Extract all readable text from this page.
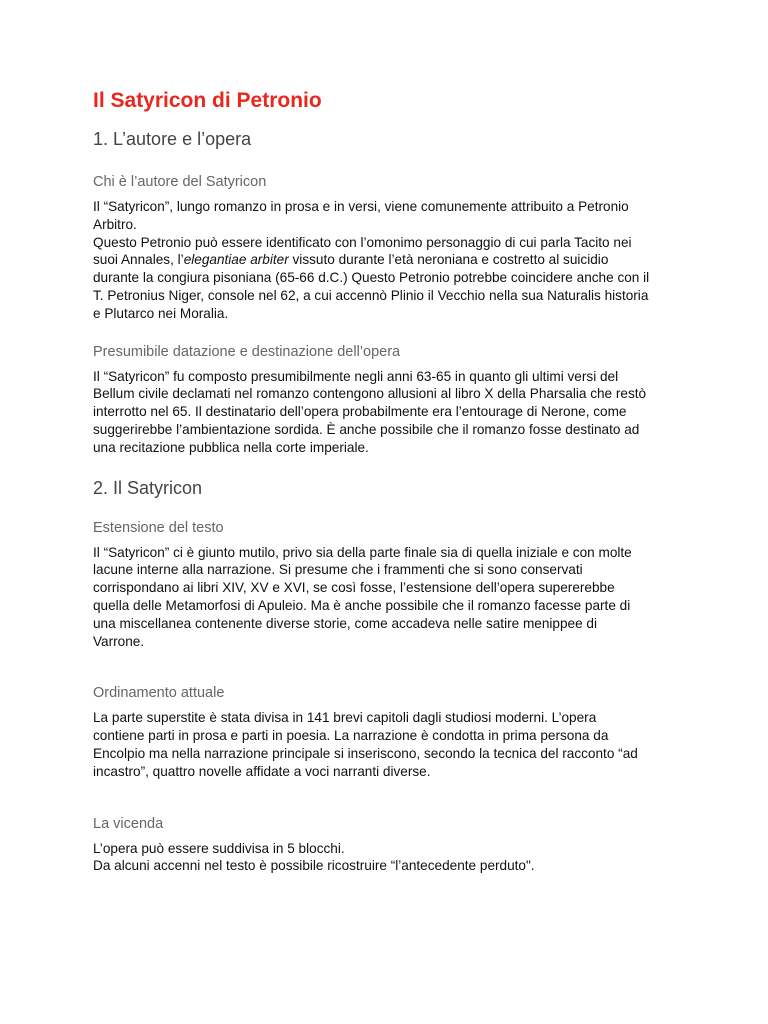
Il Satyricon di Petronio
1. L’autore e l’opera
Chi è l’autore del Satyricon

Il “Satyricon”, lungo romanzo in prosa e in versi, viene comunemente attribuito a Petronio
Arbitro.
Questo Petronio può essere identificato con l’omonimo personaggio di cui parla Tacito nei
suoi Annales, l’elegantiae arbiter vissuto durante l’età neroniana e costretto al suicidio
durante la congiura pisoniana (65-66 d.C.) Questo Petronio potrebbe coincidere anche con il
T. Petronius Niger, console nel 62, a cui accennò Plinio il Vecchio nella sua Naturalis historia
e Plutarco nei Moralia.

Presumibile datazione e destinazione dell’opera

Il “Satyricon” fu composto presumibilmente negli anni 63-65 in quanto gli ultimi versi del
Bellum civile declamati nel romanzo contengono allusioni al libro X della Pharsalia che restò
interrotto nel 65. Il destinatario dell’opera probabilmente era l’entourage di Nerone, come
suggerirebbe l’ambientazione sordida. È anche possibile che il romanzo fosse destinato ad
una recitazione pubblica nella corte imperiale.

2. Il Satyricon
Estensione del testo

Il “Satyricon” ci è giunto mutilo, privo sia della parte finale sia di quella iniziale e con molte
lacune interne alla narrazione. Si presume che i frammenti che si sono conservati
corrispondano ai libri XIV, XV e XVI, se così fosse, l’estensione dell’opera supererebbe
quella delle Metamorfosi di Apuleio. Ma è anche possibile che il romanzo facesse parte di
una miscellanea contenente diverse storie, come accadeva nelle satire menippee di
Varrone.

Ordinamento attuale

La parte superstite è stata divisa in 141 brevi capitoli dagli studiosi moderni. L’opera
contiene parti in prosa e parti in poesia. La narrazione è condotta in prima persona da
Encolpio ma nella narrazione principale si inseriscono, secondo la tecnica del racconto “ad
incastro”, quattro novelle affidate a voci narranti diverse.

La vicenda

L’opera può essere suddivisa in 5 blocchi.
Da alcuni accenni nel testo è possibile ricostruire “l’antecedente perduto".
